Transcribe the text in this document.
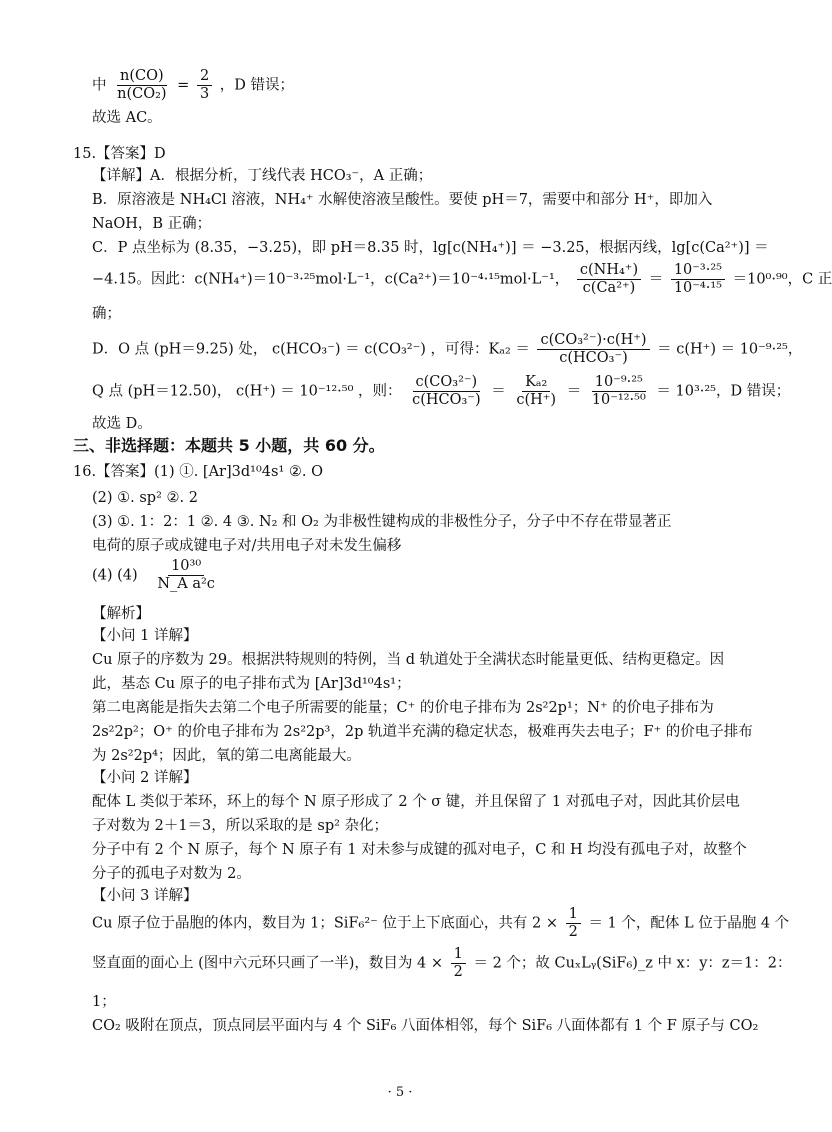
中 $\frac{n(CO)}{\text{n(CO₂)}} = \frac{2}{3}$ ，D 错误；
故选 AC。
15.【答案】D
【详解】A．根据分析，丁线代表 HCO₃⁻，A 正确；
B．原溶液是 NH₄Cl 溶液，NH₄⁺ 水解使溶液呈酸性。要使 pH＝7，需要中和部分 H⁺，即加入
NaOH，B 正确；
C．P 点坐标为 (8.35，−3.25)，即 pH＝8.35 时，lg[c(NH₄⁺)] ＝ −3.25，根据丙线，lg[c(Ca²⁺)] ＝
−4.15。因此：c(NH₄⁺)＝10⁻³·²⁵mol·L⁻¹，c(Ca²⁺)＝10⁻⁴·¹⁵mol·L⁻¹， $\frac{\text{c(NH₄⁺)}}{\text{c(Ca²⁺)}} = \frac{\text{10⁻³·²⁵}}{\text{10⁻⁴·¹⁵}} =10^0\cdot^{90}$，C 正
确；
D．O 点 (pH＝9.25) 处， c(HCO₃⁻) ＝ c(CO₃²⁻) ，可得：$K_{a2} = \frac{\text{c(CO₃²⁻)·c(H⁺)}}{\text{c(HCO₃⁻)}} = c(H^+) = 10^{-9}\cdot^{25}$，
Q 点 (pH＝12.50)， c(H⁺) ＝ 10⁻¹²·⁵⁰ ，则： $\frac{\text{c(CO₃²⁻)}}{\text{c(HCO₃⁻)}} = \frac{\text{Kₐ₂}}{c(H^+)} = \frac{\text{10⁻⁹·²⁵}}{\text{10⁻¹²·⁵⁰}} = 10^3\cdot^{25}$，D 错误；
故选 D。
三、非选择题：本题共 5 小题，共 60 分。
16.【答案】(1) ①. [Ar]3d¹⁰4s¹ ②. O
(2) ①. sp² ②. 2
(3) ①. 1：2：1 ②. 4 ③. N₂ 和 O₂ 为非极性键构成的非极性分子，分子中不存在带显著正
电荷的原子或成键电子对/共用电子对未发生偏移
(4) $(4) \frac{\text{10³⁰}}{\text{N\_A a²c}}$
【解析】
【小问 1 详解】
Cu 原子的序数为 29。根据洪特规则的特例，当 d 轨道处于全满状态时能量更低、结构更稳定。因
此，基态 Cu 原子的电子排布式为 [Ar]3d¹⁰4s¹；
第二电离能是指失去第二个电子所需要的能量；C⁺ 的价电子排布为 2s²2p¹；N⁺ 的价电子排布为
2s²2p²；O⁺ 的价电子排布为 2s²2p³，2p 轨道半充满的稳定状态，极难再失去电子；F⁺ 的价电子排布
为 2s²2p⁴；因此，氧的第二电离能最大。
【小问 2 详解】
配体 L 类似于苯环，环上的每个 N 原子形成了 2 个 σ 键，并且保留了 1 对孤电子对，因此其价层电
子对数为 2＋1＝3，所以采取的是 sp² 杂化；
分子中有 2 个 N 原子，每个 N 原子有 1 对未参与成键的孤对电子，C 和 H 均没有孤电子对，故整个
分子的孤电子对数为 2。
【小问 3 详解】
Cu 原子位于晶胞的体内，数目为 1；SiF₆²⁻ 位于上下底面心，共有 $2 \times \frac{1}{2} = 1$ 个，配体 L 位于晶胞 4 个
竖直面的面心上 (图中六元环只画了一半)，数目为 $4 \times \frac{1}{2} = 2$ 个；故 CuₓLᵧ(SiF₆)_z 中 x：y：z＝1：2：
1；
CO₂ 吸附在顶点，顶点同层平面内与 4 个 SiF₆ 八面体相邻，每个 SiF₆ 八面体都有 1 个 F 原子与 CO₂
· 5 ·
